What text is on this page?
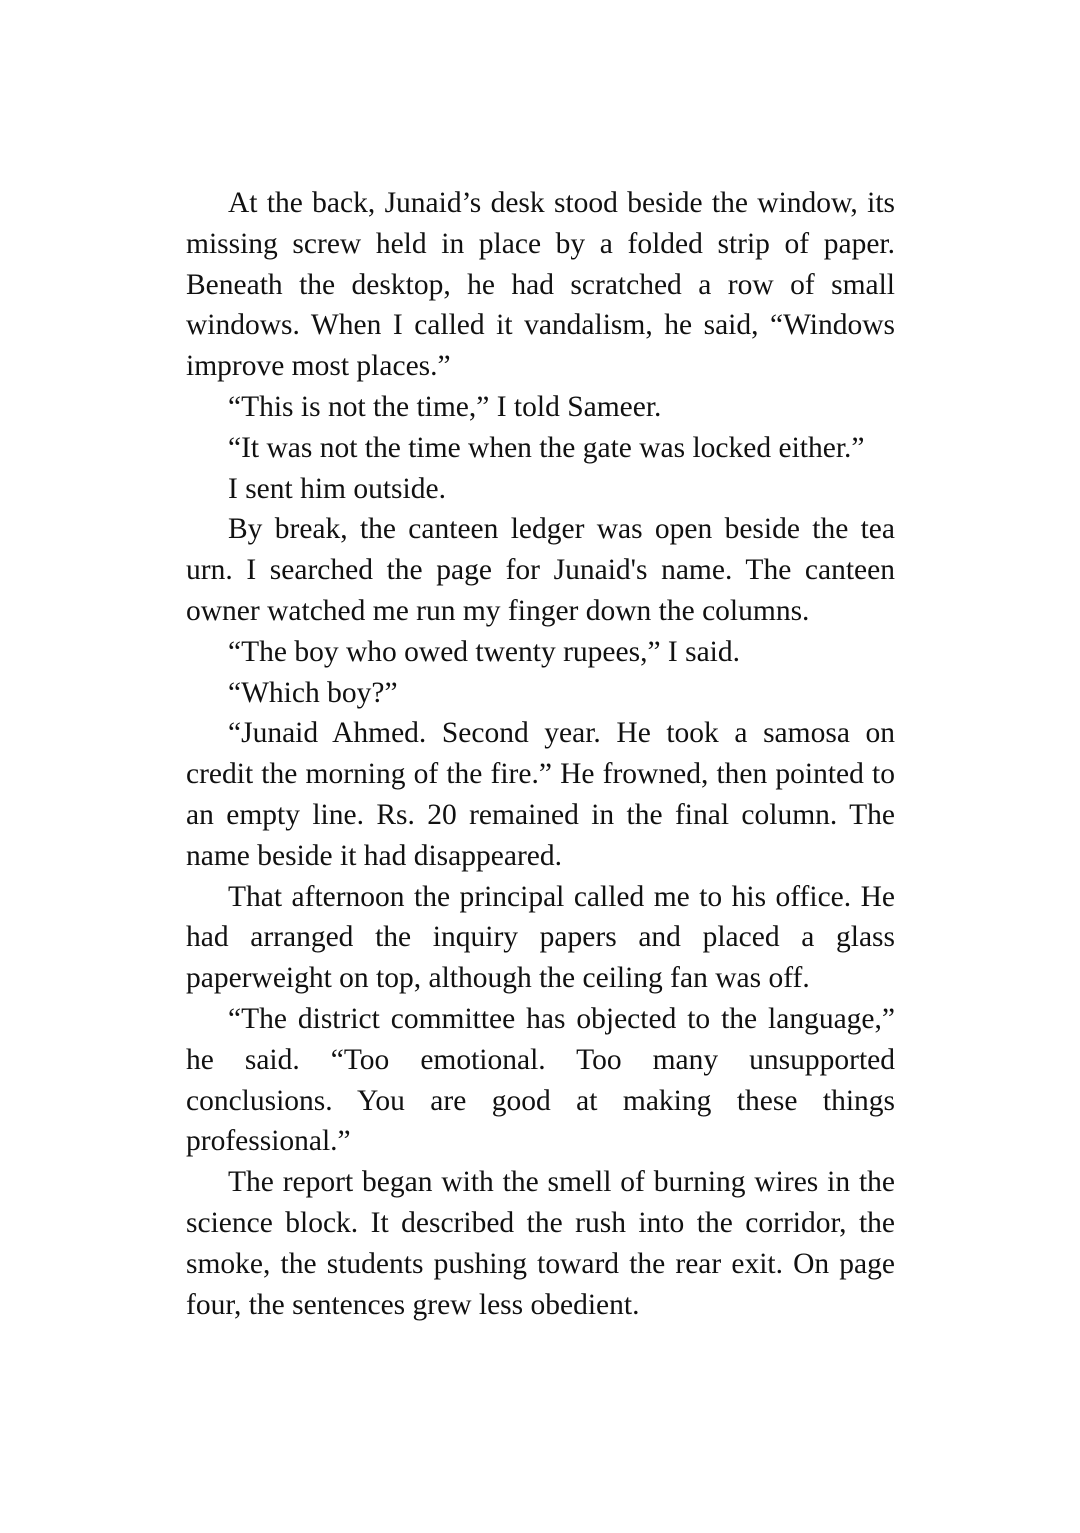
At the back, Junaid’s desk stood beside the window, its missing screw held in place by a folded strip of paper. Beneath the desktop, he had scratched a row of small windows. When I called it vandalism, he said, “Windows improve most places.”

“This is not the time,” I told Sameer.

“It was not the time when the gate was locked either.”

I sent him outside.

By break, the canteen ledger was open beside the tea urn. I searched the page for Junaid's name. The canteen owner watched me run my finger down the columns.

“The boy who owed twenty rupees,” I said.

“Which boy?”

“Junaid Ahmed. Second year. He took a samosa on credit the morning of the fire.” He frowned, then pointed to an empty line. Rs. 20 remained in the final column. The name beside it had disappeared.

That afternoon the principal called me to his office. He had arranged the inquiry papers and placed a glass paperweight on top, although the ceiling fan was off.

“The district committee has objected to the language,” he said. “Too emotional. Too many unsupported conclusions. You are good at making these things professional.”

The report began with the smell of burning wires in the science block. It described the rush into the corridor, the smoke, the students pushing toward the rear exit. On page four, the sentences grew less obedient.
